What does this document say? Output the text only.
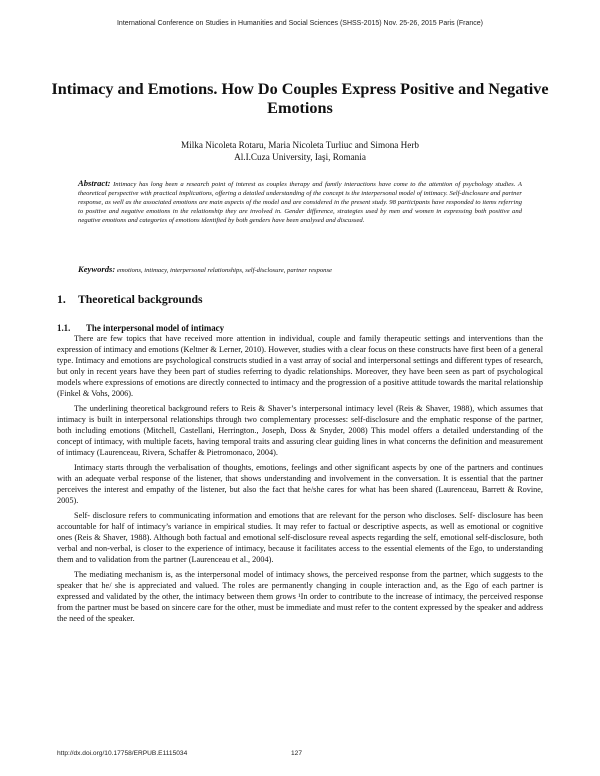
International Conference on Studies in Humanities and Social Sciences (SHSS-2015) Nov. 25-26, 2015 Paris (France)
Intimacy and Emotions. How Do Couples Express Positive and Negative Emotions
Milka Nicoleta Rotaru, Maria Nicoleta Turliuc and Simona Herb
Al.I.Cuza University, Iaşi, Romania

Abstract: Intimacy has long been a research point of interest as couples therapy and family interactions have come to the attention of psychology studies. A theoretical perspective with practical implications, offering a detailed understanding of the concept is the interpersonal model of intimacy. Self-disclosure and partner response, as well as the associated emotions are main aspects of the model and are considered in the present study. 98 participants have responded to items referring to positive and negative emotions in the relationship they are involved in. Gender difference, strategies used by men and women in expressing both positive and negative emotions and categories of emotions identified by both genders have been analysed and discussed.

Keywords: emotions, intimacy, interpersonal relationships, self-disclosure, partner response

1. Theoretical backgrounds
1.1. The interpersonal model of intimacy

There are few topics that have received more attention in individual, couple and family therapeutic settings and interventions than the expression of intimacy and emotions (Keltner & Lerner, 2010). However, studies with a clear focus on these constructs have first been of a general type. Intimacy and emotions are psychological constructs studied in a vast array of social and interpersonal settings and different types of research, but only in recent years have they been part of studies referring to dyadic relationships. Moreover, they have been seen as part of psychological models where expressions of emotions are directly connected to intimacy and the progression of a positive attitude towards the marital relationship (Finkel & Vohs, 2006).

The underlining theoretical background refers to Reis & Shaver’s interpersonal intimacy level (Reis & Shaver, 1988), which assumes that intimacy is built in interpersonal relationships through two complementary processes: self-disclosure and the emphatic response of the partner, both including emotions (Mitchell, Castellani, Herrington., Joseph, Doss & Snyder, 2008) This model offers a detailed understanding of the concept of intimacy, with multiple facets, having temporal traits and assuring clear guiding lines in what concerns the definition and measurement of intimacy (Laurenceau, Rivera, Schaffer & Pietromonaco, 2004).

Intimacy starts through the verbalisation of thoughts, emotions, feelings and other significant aspects by one of the partners and continues with an adequate verbal response of the listener, that shows understanding and involvement in the conversation. It is essential that the partner perceives the interest and empathy of the listener, but also the fact that he/she cares for what has been shared (Laurenceau, Barrett & Rovine, 2005).

Self- disclosure refers to communicating information and emotions that are relevant for the person who discloses. Self- disclosure has been accountable for half of intimacy’s variance in empirical studies. It may refer to factual or descriptive aspects, as well as emotional or cognitive ones (Reis & Shaver, 1988). Although both factual and emotional self-disclosure reveal aspects regarding the self, emotional self-disclosure, both verbal and non-verbal, is closer to the experience of intimacy, because it facilitates access to the essential elements of the Ego, to understanding them and to validation from the partner (Laurenceau et al., 2004).

The mediating mechanism is, as the interpersonal model of intimacy shows, the perceived response from the partner, which suggests to the speaker that he/ she is appreciated and valued. The roles are permanently changing in couple interaction and, as the Ego of each partner is expressed and validated by the other, the intimacy between them grows ¹In order to contribute to the increase of intimacy, the perceived response from the partner must be based on sincere care for the other, must be immediate and must refer to the content expressed by the speaker and address the need of the speaker.

http://dx.doi.org/10.17758/ERPUB.E1115034	127
